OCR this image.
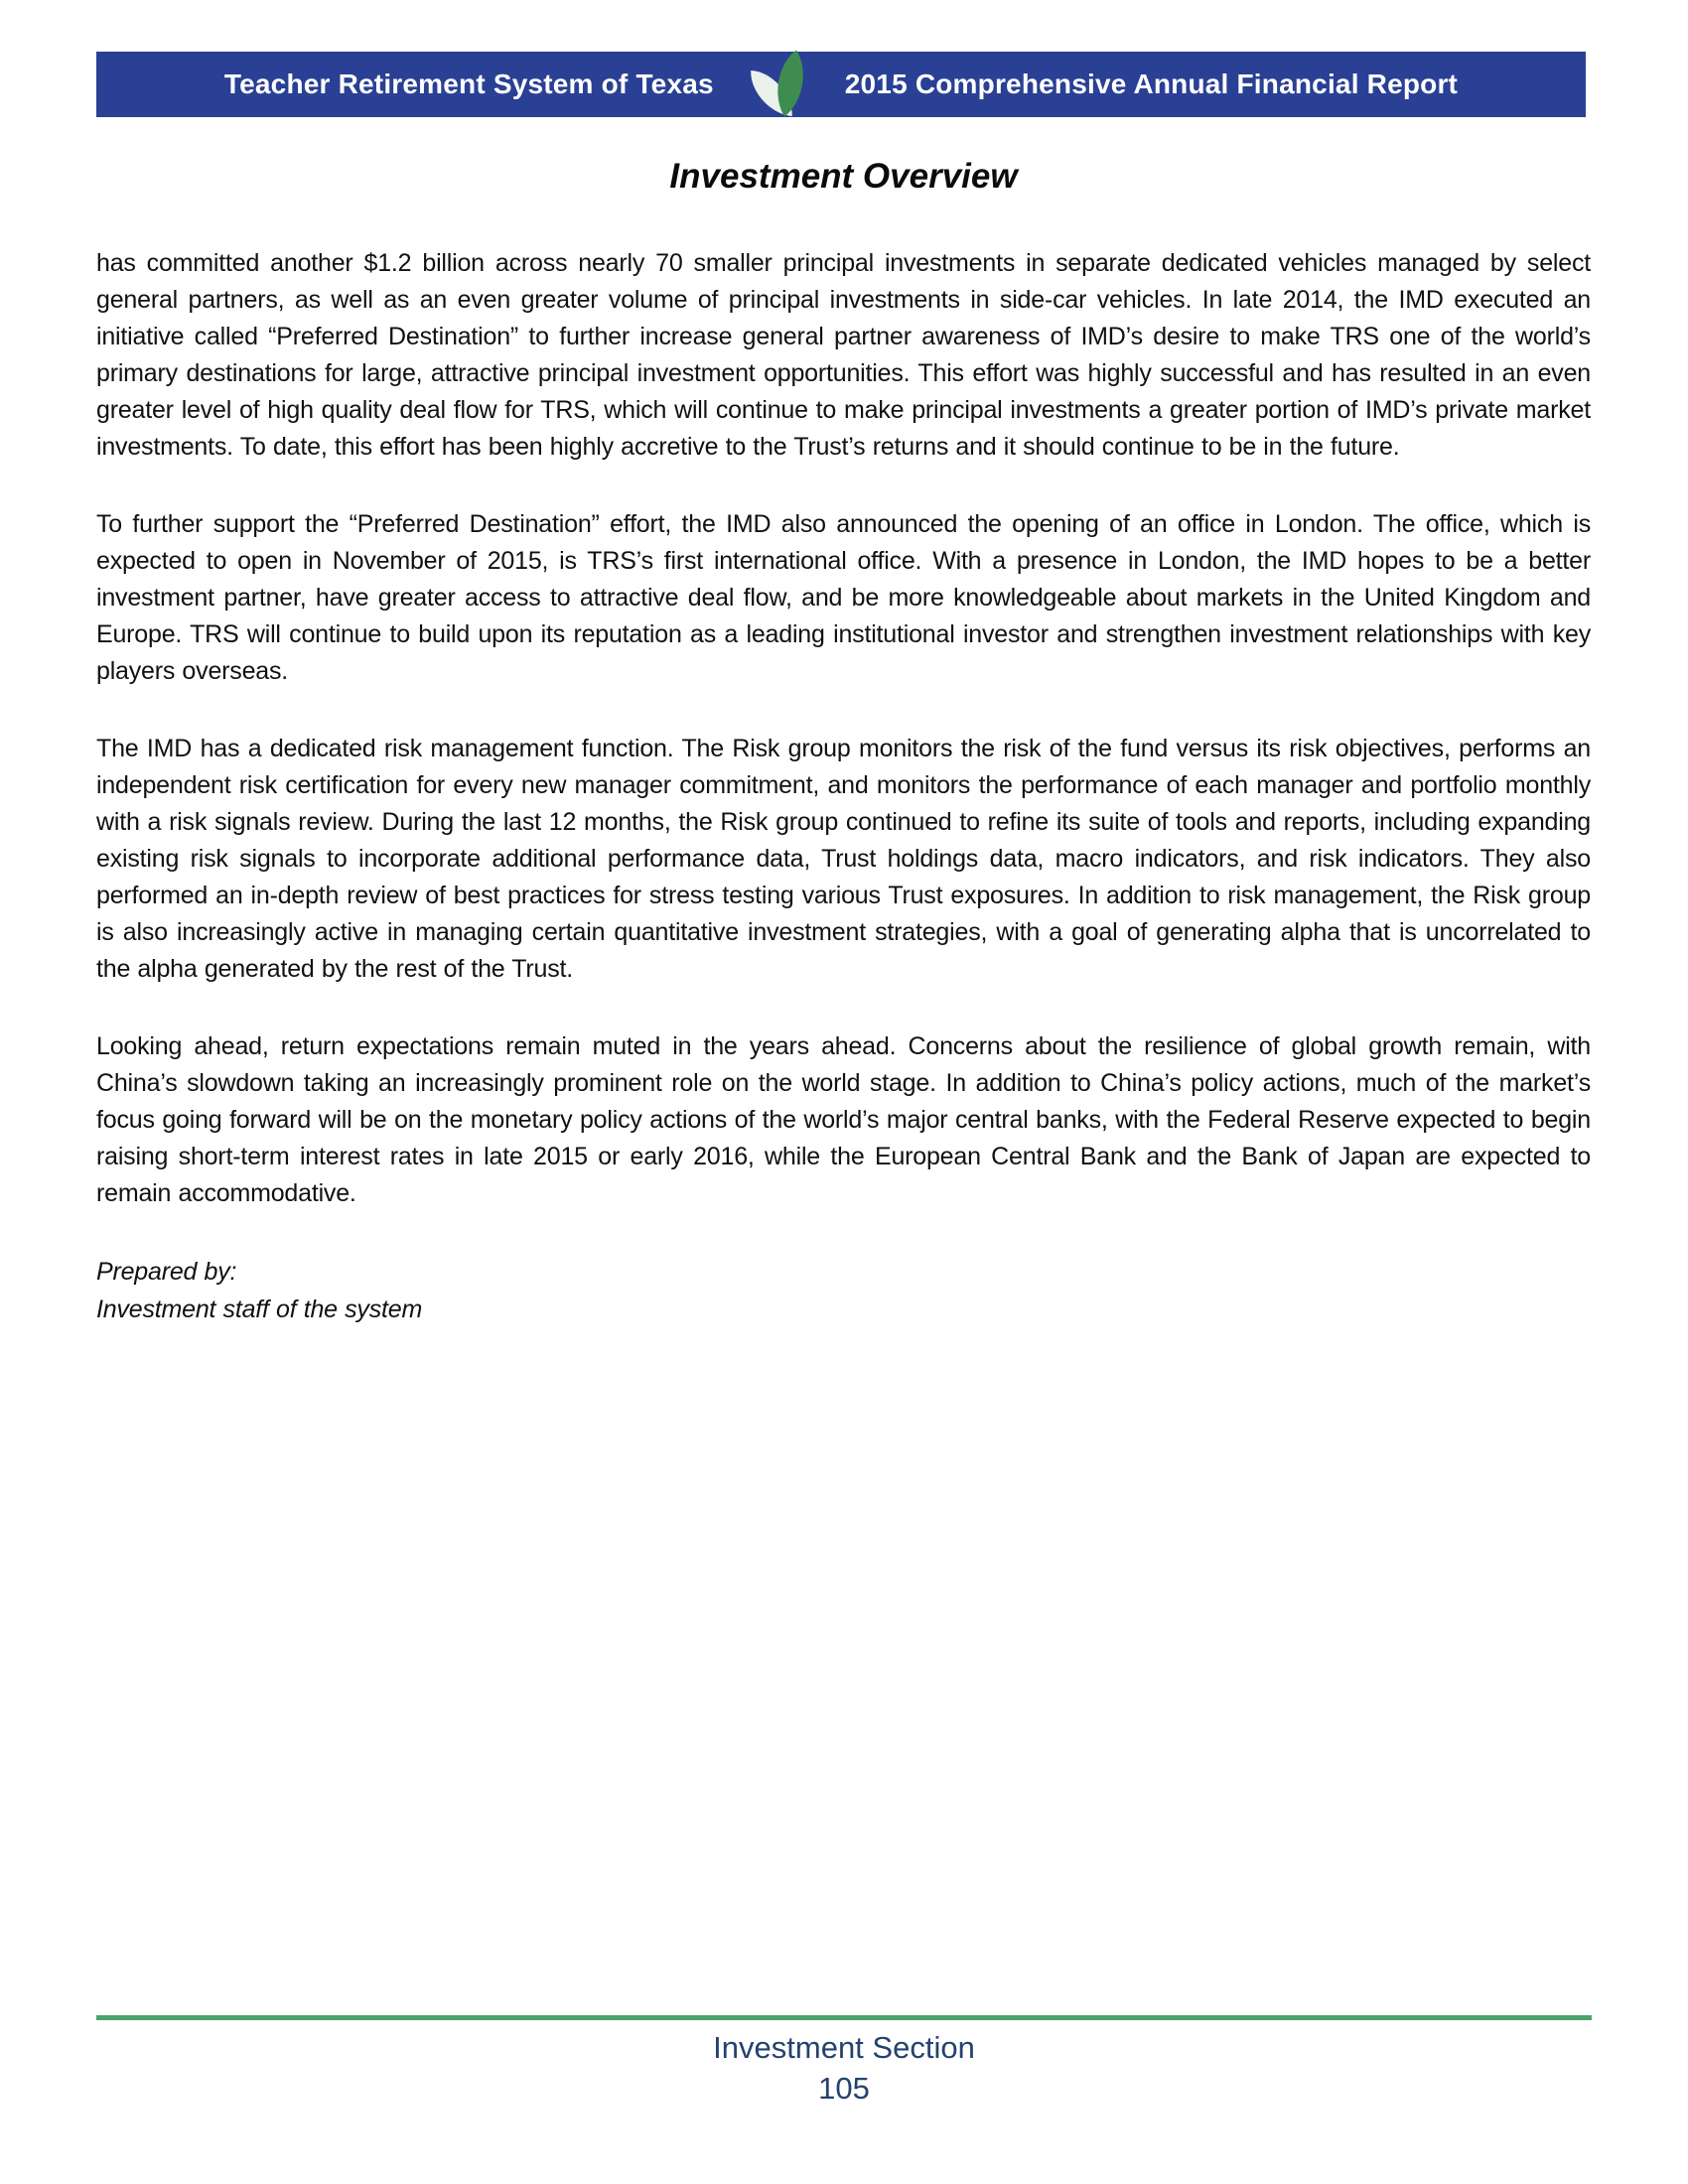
Teacher Retirement System of Texas	2015 Comprehensive Annual Financial Report
Investment Overview

has committed another $1.2 billion across nearly 70 smaller principal investments in separate dedicated vehicles managed by select general partners, as well as an even greater volume of principal investments in side-car vehicles. In late 2014, the IMD executed an initiative called “Preferred Destination” to further increase general partner awareness of IMD’s desire to make TRS one of the world’s primary destinations for large, attractive principal investment opportunities. This effort was highly successful and has resulted in an even greater level of high quality deal flow for TRS, which will continue to make principal investments a greater portion of IMD’s private market investments. To date, this effort has been highly accretive to the Trust’s returns and it should continue to be in the future.

To further support the “Preferred Destination” effort, the IMD also announced the opening of an office in London. The office, which is expected to open in November of 2015, is TRS’s first international office. With a presence in London, the IMD hopes to be a better investment partner, have greater access to attractive deal flow, and be more knowledgeable about markets in the United Kingdom and Europe. TRS will continue to build upon its reputation as a leading institutional investor and strengthen investment relationships with key players overseas.

The IMD has a dedicated risk management function. The Risk group monitors the risk of the fund versus its risk objectives, performs an independent risk certification for every new manager commitment, and monitors the performance of each manager and portfolio monthly with a risk signals review. During the last 12 months, the Risk group continued to refine its suite of tools and reports, including expanding existing risk signals to incorporate additional performance data, Trust holdings data, macro indicators, and risk indicators. They also performed an in-depth review of best practices for stress testing various Trust exposures. In addition to risk management, the Risk group is also increasingly active in managing certain quantitative investment strategies, with a goal of generating alpha that is uncorrelated to the alpha generated by the rest of the Trust.

Looking ahead, return expectations remain muted in the years ahead. Concerns about the resilience of global growth remain, with China’s slowdown taking an increasingly prominent role on the world stage. In addition to China’s policy actions, much of the market’s focus going forward will be on the monetary policy actions of the world’s major central banks, with the Federal Reserve expected to begin raising short-term interest rates in late 2015 or early 2016, while the European Central Bank and the Bank of Japan are expected to remain accommodative.

Prepared by:

Investment staff of the system

Investment Section
105
